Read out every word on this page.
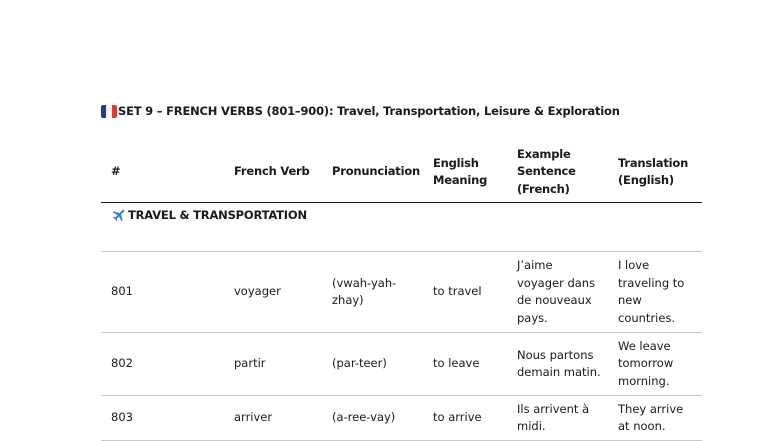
SET 9 – FRENCH VERBS (801–900): Travel, Transportation, Leisure & Exploration
#	French Verb	Pronunciation	English Meaning	Example Sentence (French)	Translation (English)
TRAVEL & TRANSPORTATION					
801	voyager	(vwah-yah-zhay)	to travel	J’aime voyager dans de nouveaux pays.	I love traveling to new countries.
802	partir	(par-teer)	to leave	Nous partons demain matin.	We leave tomorrow morning.
803	arriver	(a-ree-vay)	to arrive	Ils arrivent à midi.	They arrive at noon.
